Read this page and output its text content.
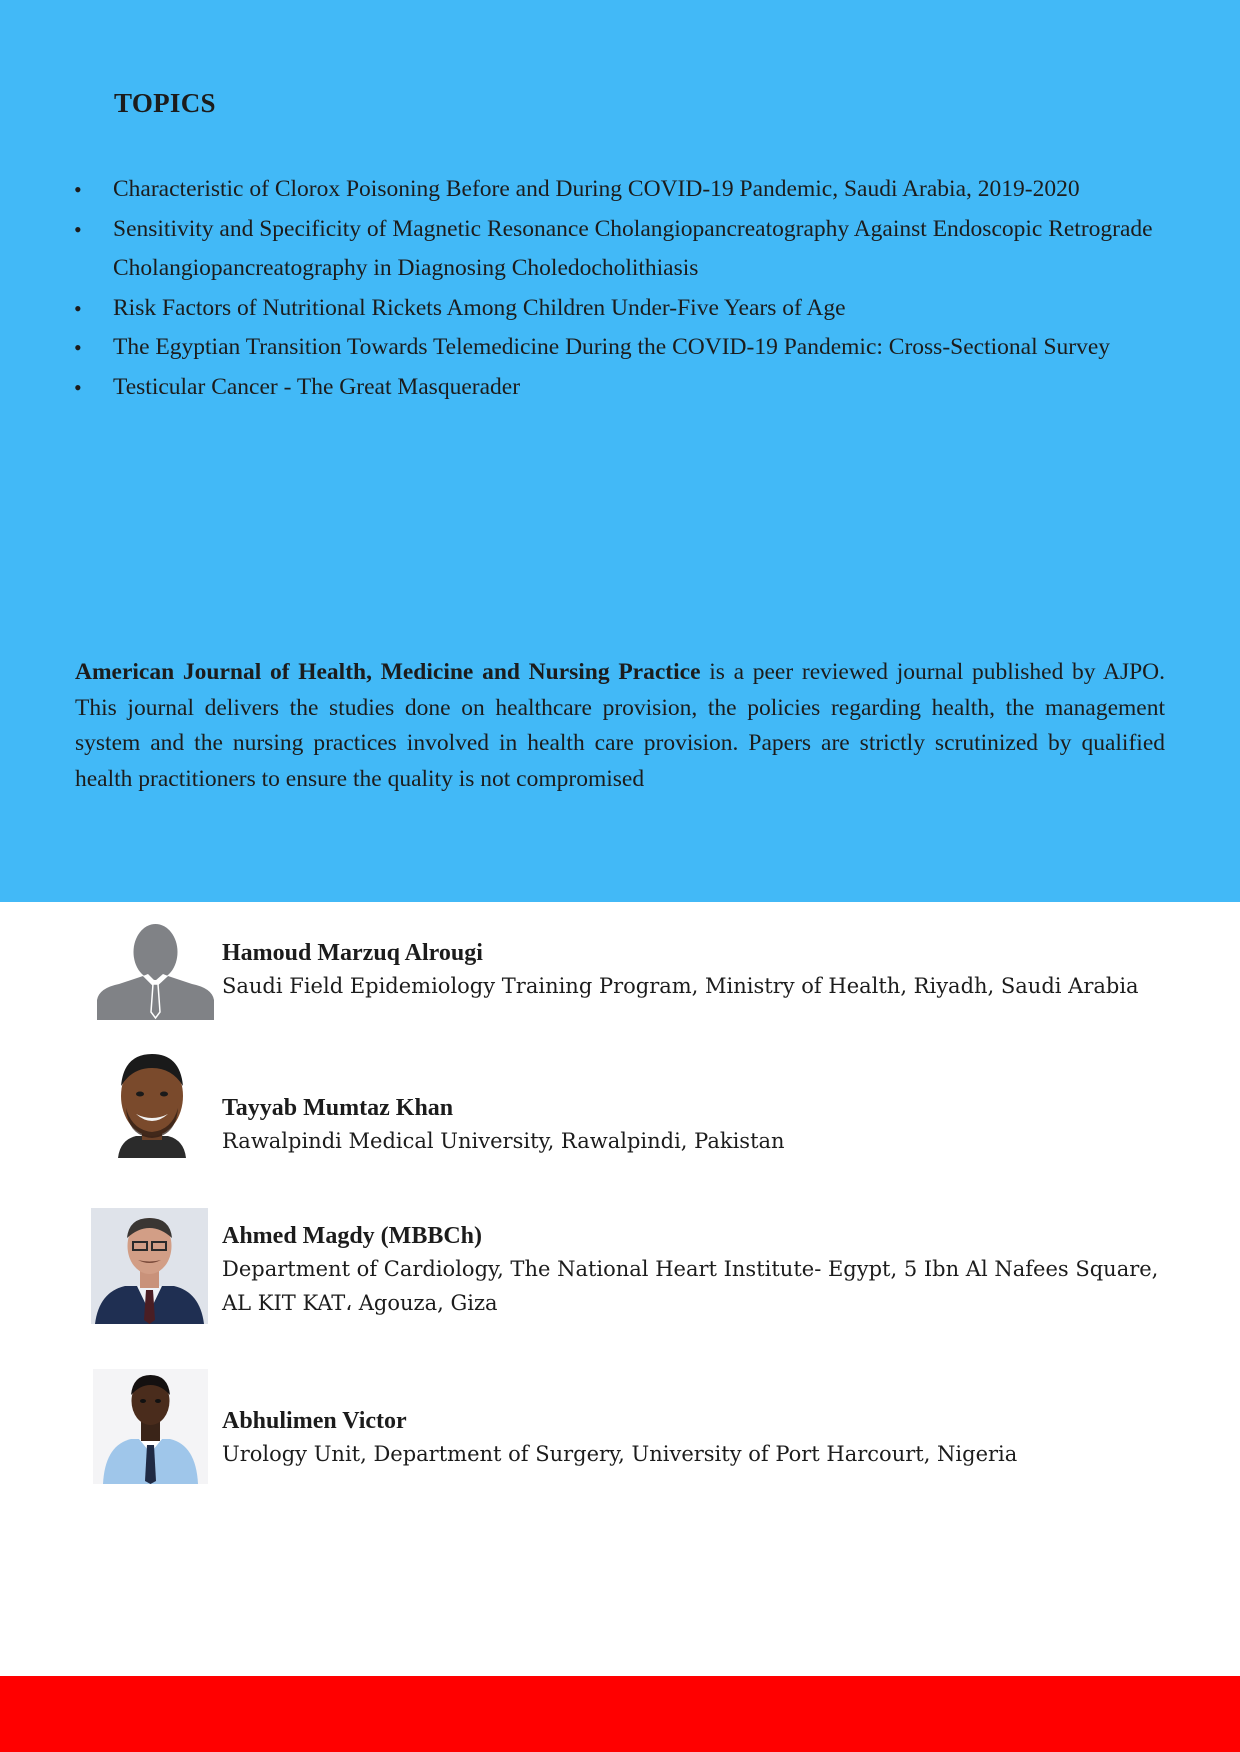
TOPICS
• Characteristic of Clorox Poisoning Before and During COVID-19 Pandemic, Saudi Arabia, 2019-2020
• Sensitivity and Specificity of Magnetic Resonance Cholangiopancreatography Against Endoscopic Retrograde Cholangiopancreatography in Diagnosing Choledocholithiasis
• Risk Factors of Nutritional Rickets Among Children Under-Five Years of Age
• The Egyptian Transition Towards Telemedicine During the COVID-19 Pandemic: Cross-Sectional Survey
• Testicular Cancer - The Great Masquerader

American Journal of Health, Medicine and Nursing Practice is a peer reviewed journal published by AJPO. This journal delivers the studies done on healthcare provision, the policies regarding health, the management system and the nursing practices involved in health care provision. Papers are strictly scrutinized by qualified health practitioners to ensure the quality is not compromised

Hamoud Marzuq Alrougi
Saudi Field Epidemiology Training Program, Ministry of Health, Riyadh, Saudi Arabia
Tayyab Mumtaz Khan
Rawalpindi Medical University, Rawalpindi, Pakistan
Ahmed Magdy (MBBCh)
Department of Cardiology, The National Heart Institute- Egypt, 5 Ibn Al Nafees Square, AL KIT KAT، Agouza, Giza
Abhulimen Victor
Urology Unit, Department of Surgery, University of Port Harcourt, Nigeria
